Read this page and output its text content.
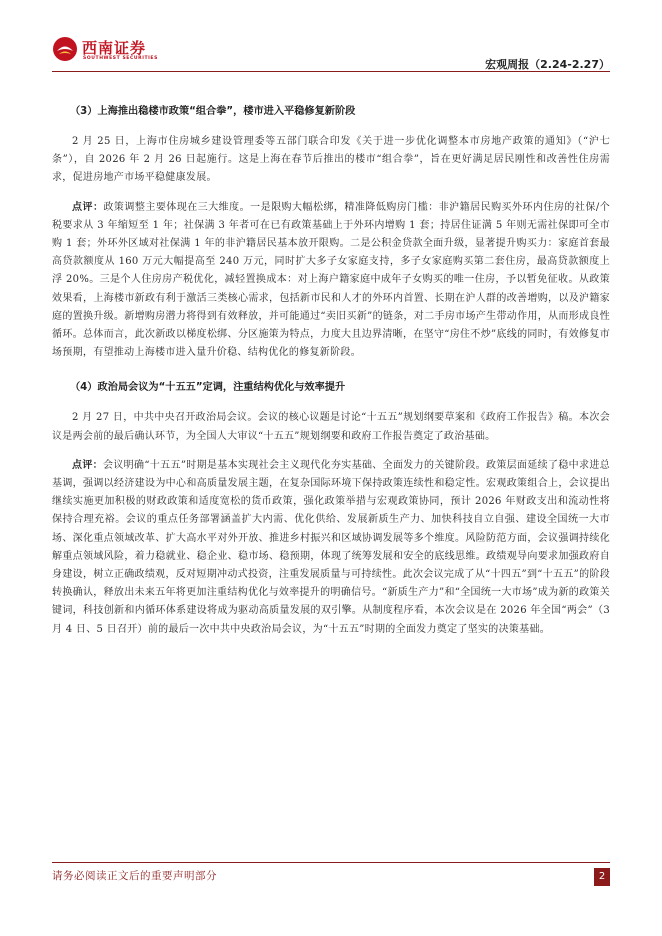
西南证券
SOUTHWEST SECURITIES	宏观周报（2.24-2.27）
（3）上海推出稳楼市政策“组合拳”，楼市进入平稳修复新阶段

2 月 25 日，上海市住房城乡建设管理委等五部门联合印发《关于进一步优化调整本市房地产政策的通知》（“沪七条”），自 2026 年 2 月 26 日起施行。这是上海在春节后推出的楼市“组合拳”，旨在更好满足居民刚性和改善性住房需求，促进房地产市场平稳健康发展。

点评：政策调整主要体现在三大维度。一是限购大幅松绑，精准降低购房门槛：非沪籍居民购买外环内住房的社保/个税要求从 3 年缩短至 1 年；社保满 3 年者可在已有政策基础上于外环内增购 1 套；持居住证满 5 年则无需社保即可全市购 1 套；外环外区域对社保满 1 年的非沪籍居民基本放开限购。二是公积金贷款全面升级，显著提升购买力：家庭首套最高贷款额度从 160 万元大幅提高至 240 万元，同时扩大多子女家庭支持，多子女家庭购买第二套住房，最高贷款额度上浮 20%。三是个人住房房产税优化，减轻置换成本：对上海户籍家庭中成年子女购买的唯一住房，予以暂免征收。从政策效果看，上海楼市新政有利于激活三类核心需求，包括新市民和人才的外环内首置、长期在沪人群的改善增购，以及沪籍家庭的置换升级。新增购房潜力将得到有效释放，并可能通过“卖旧买新”的链条，对二手房市场产生带动作用，从而形成良性循环。总体而言，此次新政以梯度松绑、分区施策为特点，力度大且边界清晰，在坚守“房住不炒”底线的同时，有效修复市场预期，有望推动上海楼市进入量升价稳、结构优化的修复新阶段。

（4）政治局会议为“十五五”定调，注重结构优化与效率提升

2 月 27 日，中共中央召开政治局会议。会议的核心议题是讨论“十五五”规划纲要草案和《政府工作报告》稿。本次会议是两会前的最后确认环节，为全国人大审议“十五五”规划纲要和政府工作报告奠定了政治基础。

点评：会议明确“十五五”时期是基本实现社会主义现代化夯实基础、全面发力的关键阶段。政策层面延续了稳中求进总基调，强调以经济建设为中心和高质量发展主题，在复杂国际环境下保持政策连续性和稳定性。宏观政策组合上，会议提出继续实施更加积极的财政政策和适度宽松的货币政策，强化政策举措与宏观政策协同，预计 2026 年财政支出和流动性将保持合理充裕。会议的重点任务部署涵盖扩大内需、优化供给、发展新质生产力、加快科技自立自强、建设全国统一大市场、深化重点领域改革、扩大高水平对外开放、推进乡村振兴和区域协调发展等多个维度。风险防范方面，会议强调持续化解重点领域风险，着力稳就业、稳企业、稳市场、稳预期，体现了统筹发展和安全的底线思维。政绩观导向要求加强政府自身建设，树立正确政绩观，反对短期冲动式投资，注重发展质量与可持续性。此次会议完成了从“十四五”到“十五五”的阶段转换确认，释放出未来五年将更加注重结构优化与效率提升的明确信号。“新质生产力”和“全国统一大市场”成为新的政策关键词，科技创新和内循环体系建设将成为驱动高质量发展的双引擎。从制度程序看，本次会议是在 2026 年全国“两会”（3 月 4 日、5 日召开）前的最后一次中共中央政治局会议，为“十五五”时期的全面发力奠定了坚实的决策基础。

请务必阅读正文后的重要声明部分	2
